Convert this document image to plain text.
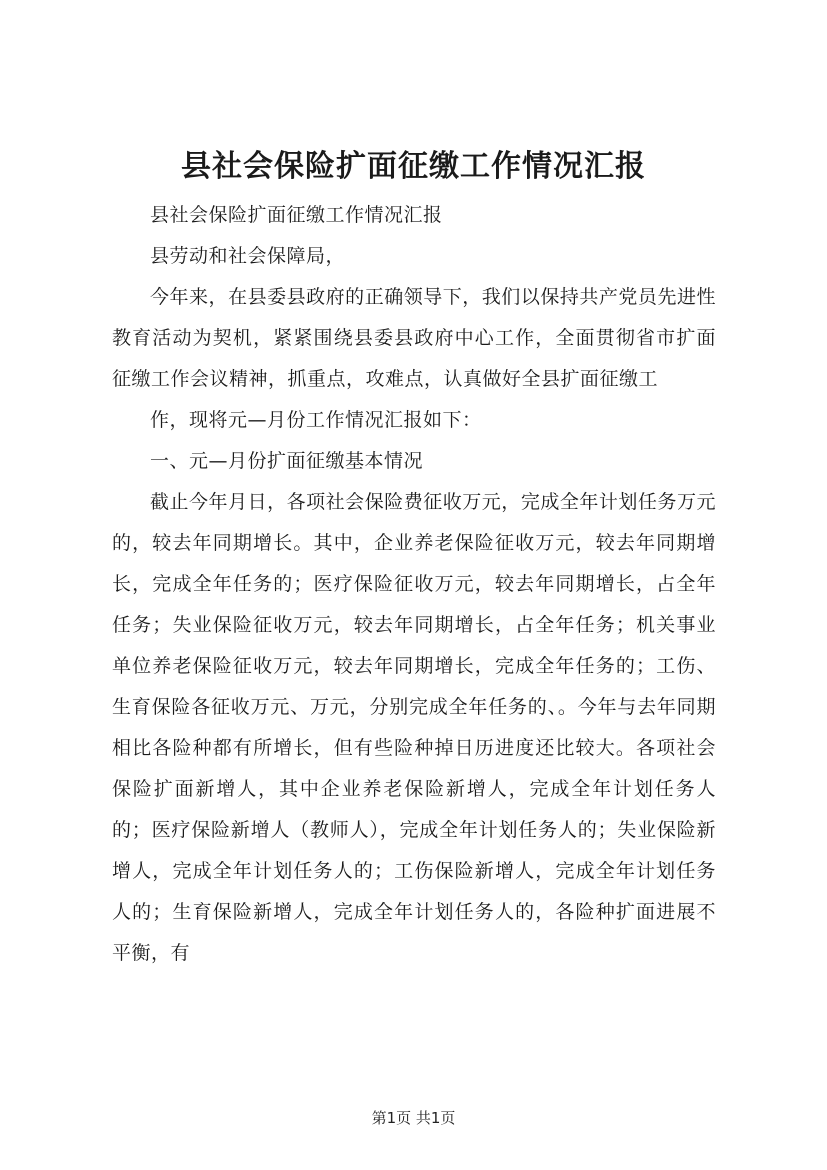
县社会保险扩面征缴工作情况汇报

县社会保险扩面征缴工作情况汇报

县劳动和社会保障局，

今年来，在县委县政府的正确领导下，我们以保持共产党员先进性教育活动为契机，紧紧围绕县委县政府中心工作，全面贯彻省市扩面征缴工作会议精神，抓重点，攻难点，认真做好全县扩面征缴工

作，现将元—月份工作情况汇报如下：

一、元—月份扩面征缴基本情况

截止今年月日，各项社会保险费征收万元，完成全年计划任务万元的，较去年同期增长。其中，企业养老保险征收万元，较去年同期增长，完成全年任务的；医疗保险征收万元，较去年同期增长，占全年任务；失业保险征收万元，较去年同期增长，占全年任务；机关事业单位养老保险征收万元，较去年同期增长，完成全年任务的；工伤、生育保险各征收万元、万元，分别完成全年任务的、。今年与去年同期相比各险种都有所增长，但有些险种掉日历进度还比较大。各项社会保险扩面新增人，其中企业养老保险新增人，完成全年计划任务人的；医疗保险新增人（教师人），完成全年计划任务人的；失业保险新增人，完成全年计划任务人的；工伤保险新增人，完成全年计划任务人的；生育保险新增人，完成全年计划任务人的，各险种扩面进展不平衡，有

第1页 共1页
